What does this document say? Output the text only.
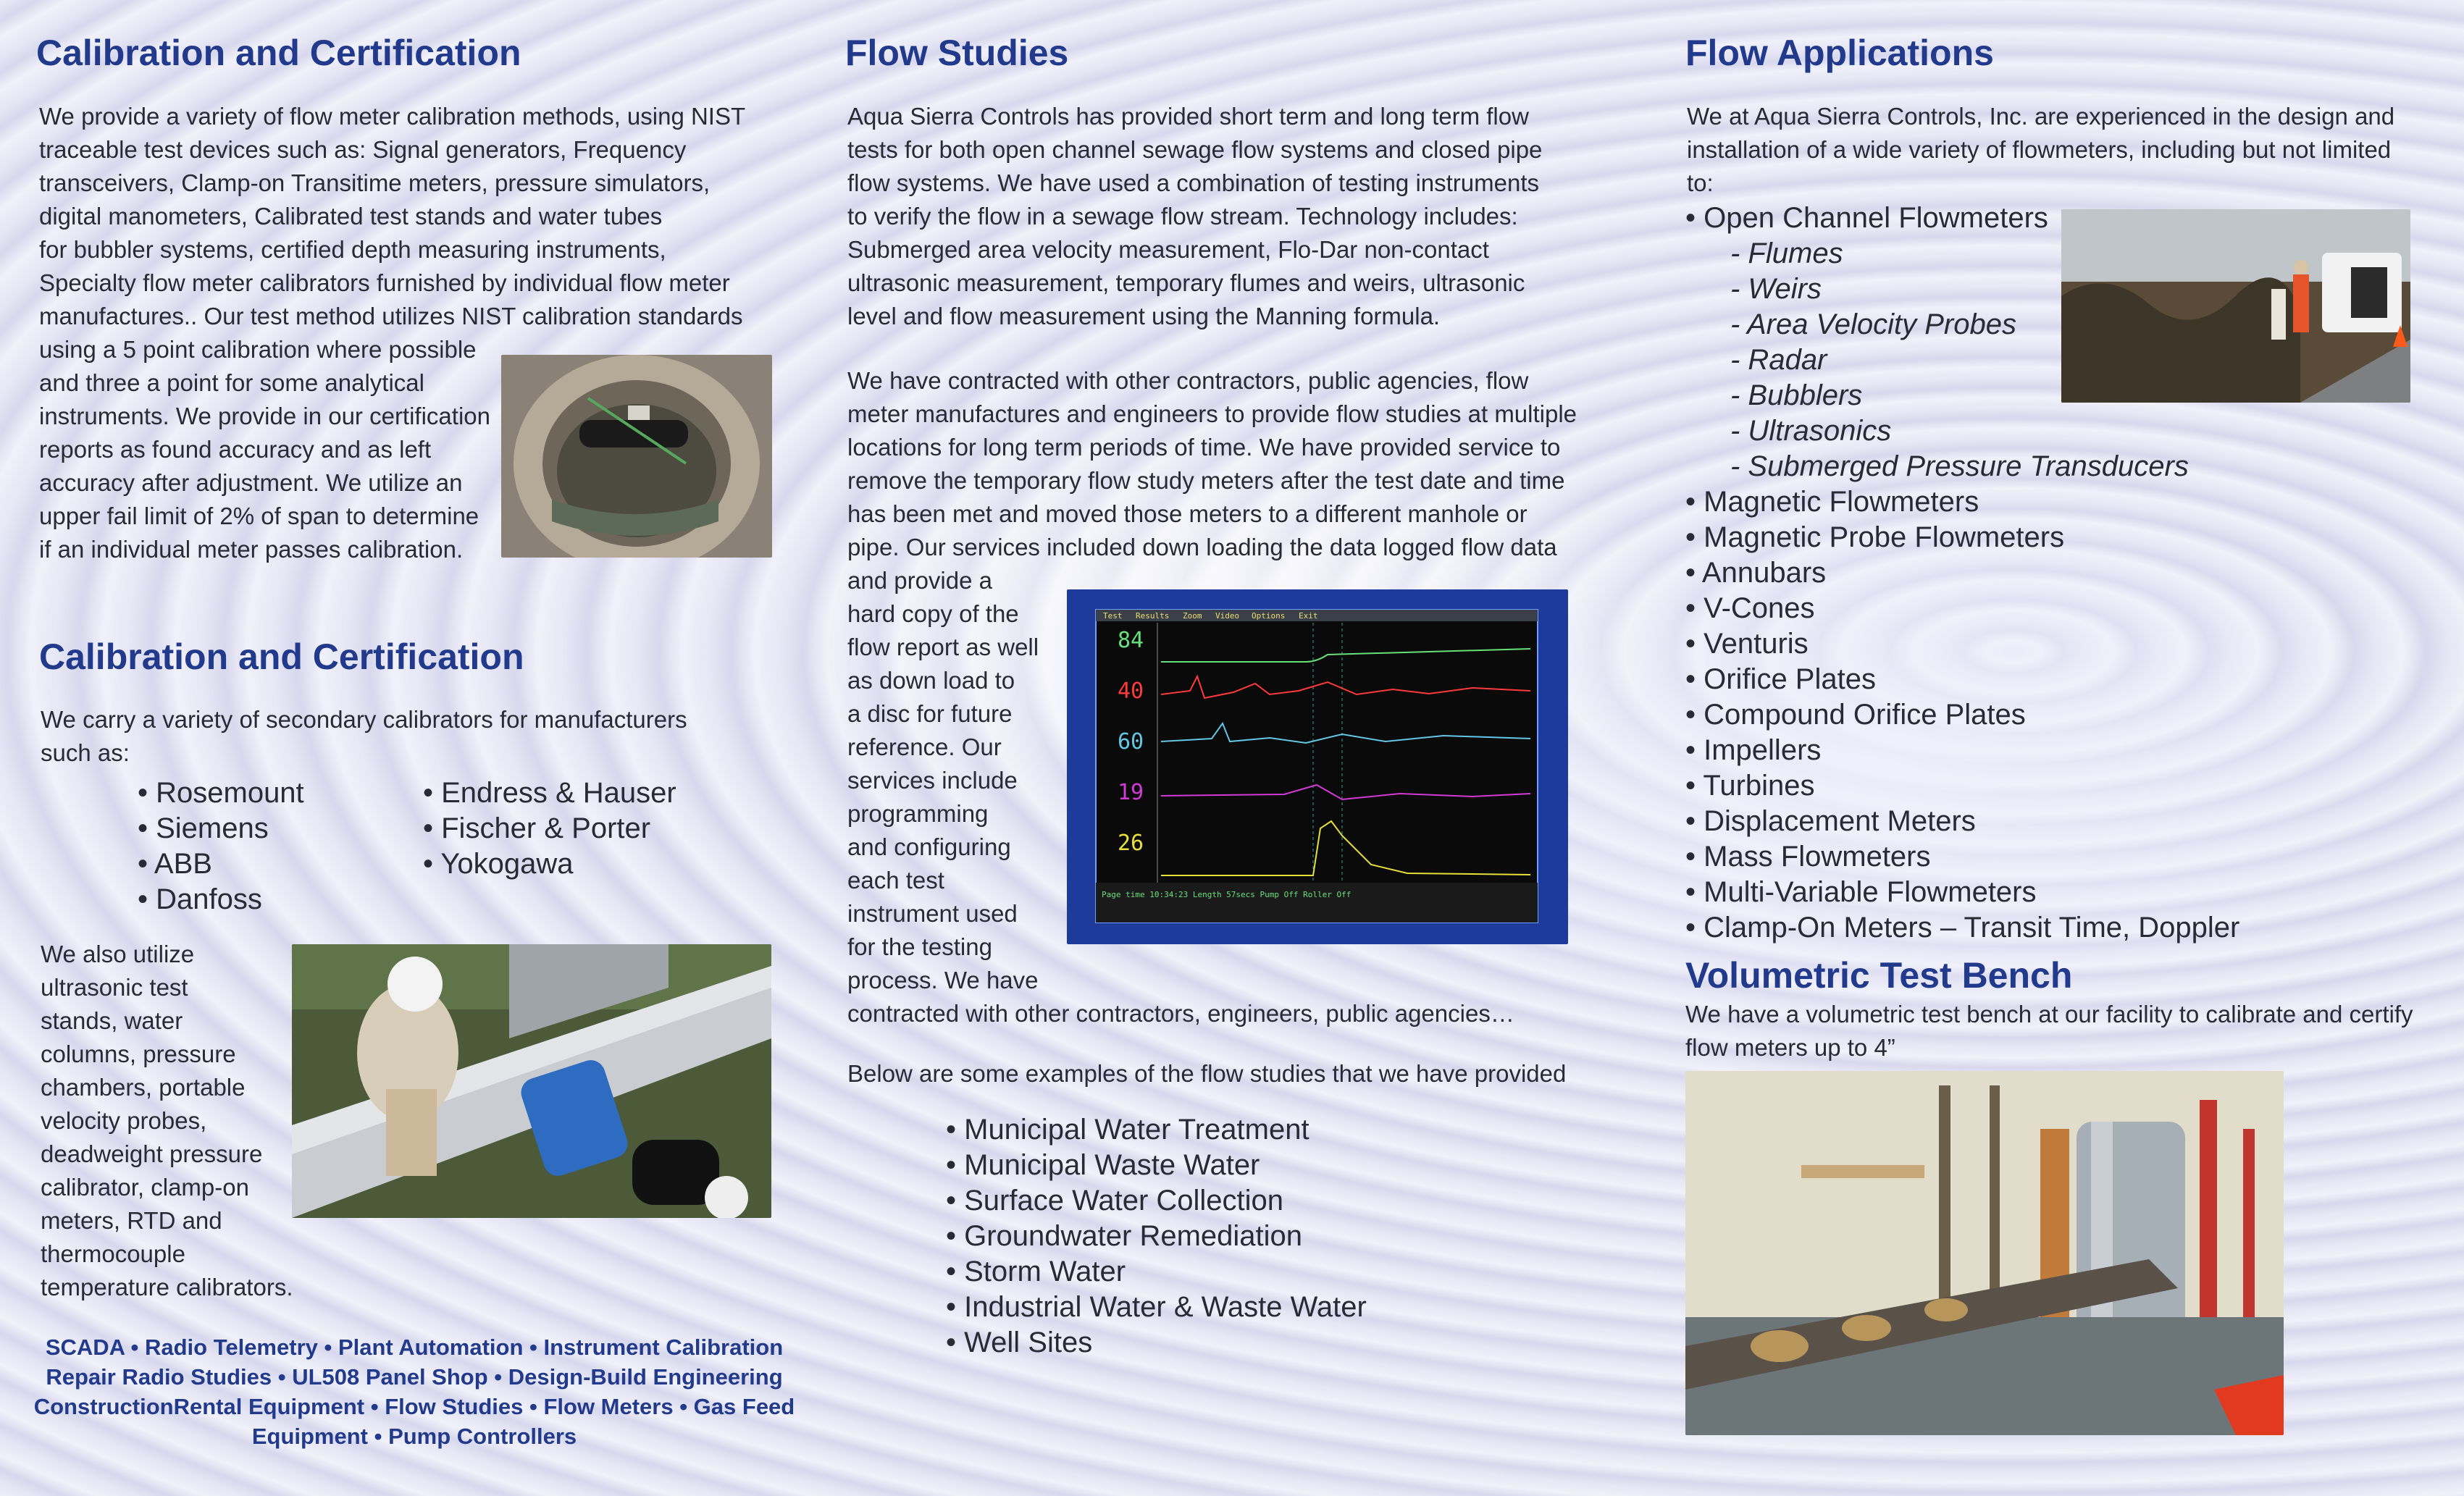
Calibration and Certification

We provide a variety of flow meter calibration methods, using NIST
traceable test devices such as: Signal generators, Frequency
transceivers, Clamp-on Transitime meters, pressure simulators,
digital manometers, Calibrated test stands and water tubes
for bubbler systems, certified depth measuring instruments,
Specialty flow meter calibrators furnished by individual flow meter
manufactures.. Our test method utilizes NIST calibration standards
using a 5 point calibration where possible
and three a point for some analytical
instruments. We provide in our certification
reports as found accuracy and as left
accuracy after adjustment. We utilize an
upper fail limit of 2% of span to determine
if an individual meter passes calibration.

Calibration and Certification

We carry a variety of secondary calibrators for manufacturers
such as:

• Rosemount
• Siemens
• ABB
• Danfoss
• Endress & Hauser
• Fischer & Porter
• Yokogawa

We also utilize
ultrasonic test
stands, water
columns, pressure
chambers, portable
velocity probes,
deadweight pressure
calibrator, clamp-on
meters, RTD and
thermocouple
temperature calibrators.

SCADA • Radio Telemetry • Plant Automation • Instrument Calibration
Repair Radio Studies • UL508 Panel Shop • Design-Build Engineering
ConstructionRental Equipment • Flow Studies • Flow Meters • Gas Feed
Equipment • Pump Controllers

Flow Studies

Aqua Sierra Controls has provided short term and long term flow
tests for both open channel sewage flow systems and closed pipe
flow systems. We have used a combination of testing instruments
to verify the flow in a sewage flow stream. Technology includes:
Submerged area velocity measurement, Flo-Dar non-contact
ultrasonic measurement, temporary flumes and weirs, ultrasonic
level and flow measurement using the Manning formula.

We have contracted with other contractors, public agencies, flow
meter manufactures and engineers to provide flow studies at multiple
locations for long term periods of time. We have provided service to
remove the temporary flow study meters after the test date and time
has been met and moved those meters to a different manhole or
pipe. Our services included down loading the data logged flow data
and provide a
hard copy of the
flow report as well
as down load to
a disc for future
reference. Our
services include
programming
and configuring
each test
instrument used
for the testing
process. We have
contracted with other contractors, engineers, public agencies…

Test Results Zoom Video Options Exit
84
40
60
19
26
Page time 10:34:23 Length 57secs Pump Off Roller Off

Below are some examples of the flow studies that we have provided

• Municipal Water Treatment
• Municipal Waste Water
• Surface Water Collection
• Groundwater Remediation
• Storm Water
• Industrial Water & Waste Water
• Well Sites
Flow Applications

We at Aqua Sierra Controls, Inc. are experienced in the design and
installation of a wide variety of flowmeters, including but not limited
to:

• Open Channel Flowmeters
- Flumes
- Weirs
- Area Velocity Probes
- Radar
- Bubblers
- Ultrasonics
- Submerged Pressure Transducers
• Magnetic Flowmeters
• Magnetic Probe Flowmeters
• Annubars
• V-Cones
• Venturis
• Orifice Plates
• Compound Orifice Plates
• Impellers
• Turbines
• Displacement Meters
• Mass Flowmeters
• Multi-Variable Flowmeters
• Clamp-On Meters – Transit Time, Doppler
Volumetric Test Bench

We have a volumetric test bench at our facility to calibrate and certify
flow meters up to 4”
